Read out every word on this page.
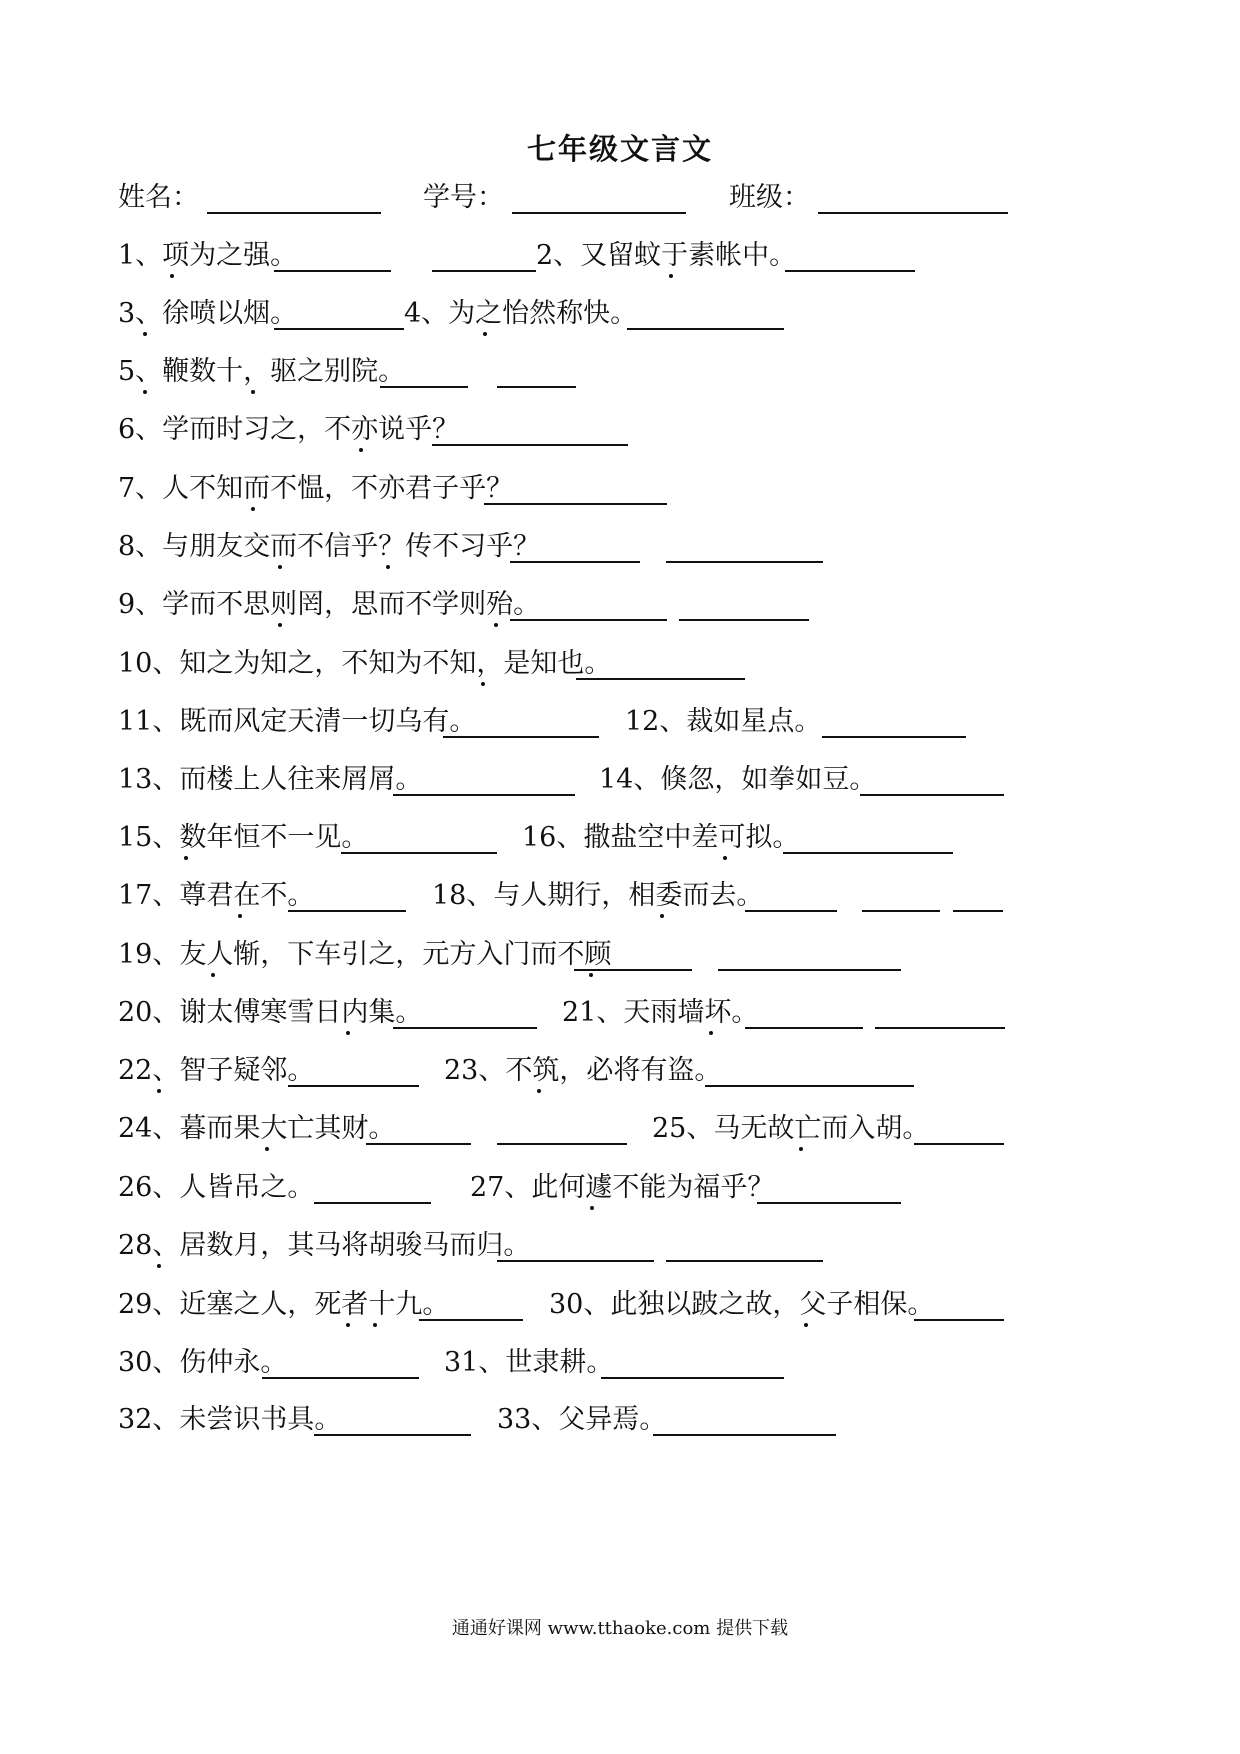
七年级文言文
姓名：	学号：	班级：
1、项为之强。	2、又留蚊于素帐中。
3、徐喷以烟。	4、为之怡然称快。
5、鞭数十，驱之别院。
6、学而时习之，不亦说乎？
7、人不知而不愠，不亦君子乎？
8、与朋友交而不信乎？传不习乎？
9、学而不思则罔，思而不学则殆。
10、知之为知之，不知为不知，是知也。
11、既而风定天清一切乌有。	12、裁如星点。
13、而楼上人往来屑屑。	14、倏忽，如拳如豆。
15、数年恒不一见。	16、撒盐空中差可拟。
17、尊君在不。	18、与人期行，相委而去。
19、友人惭，下车引之，元方入门而不顾
20、谢太傅寒雪日内集。	21、天雨墙坏。
22、智子疑邻。	23、不筑，必将有盗。
24、暮而果大亡其财。	25、马无故亡而入胡。
26、人皆吊之。	27、此何遽不能为福乎？
28、居数月，其马将胡骏马而归。
29、近塞之人，死者十九。	30、此独以跛之故，父子相保。
30、伤仲永。	31、世隶耕。
32、未尝识书具。	33、父异焉。
通通好课网 www.tthaoke.com 提供下载
